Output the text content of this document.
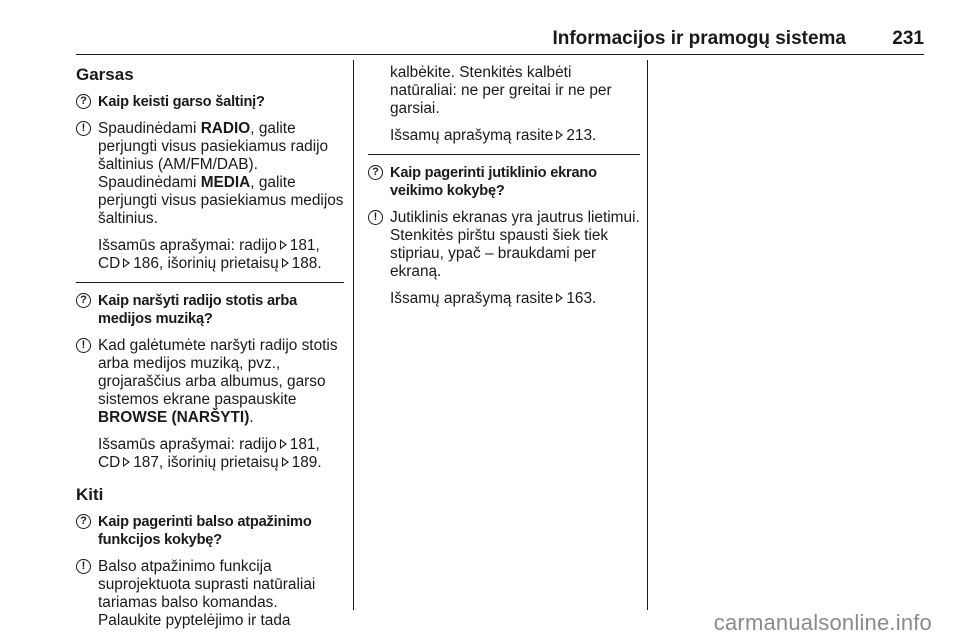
Informacijos ir pramogų sistema 231
Garsas
? Kaip keisti garso šaltinį?
! Spaudinėdami RADIO, galite perjungti visus pasiekiamus radijo šaltinius (AM/FM/DAB). Spaudinėdami MEDIA, galite perjungti visus pasiekiamus medijos šaltinius.
Išsamūs aprašymai: radijo 181, CD 186, išorinių prietaisų 188.
? Kaip naršyti radijo stotis arba medijos muziką?
! Kad galėtumėte naršyti radijo stotis arba medijos muziką, pvz., grojaraščius arba albumus, garso sistemos ekrane paspauskite BROWSE (NARŠYTI).
Išsamūs aprašymai: radijo 181, CD 187, išorinių prietaisų 189.
Kiti
? Kaip pagerinti balso atpažinimo funkcijos kokybę?
! Balso atpažinimo funkcija suprojektuota suprasti natūraliai tariamas balso komandas. Palaukite pyptelėjimo ir tada
kalbėkite. Stenkitės kalbėti natūraliai: ne per greitai ir ne per garsiai.
Išsamų aprašymą rasite 213.
? Kaip pagerinti jutiklinio ekrano veikimo kokybę?
! Jutiklinis ekranas yra jautrus lietimui. Stenkitės pirštu spausti šiek tiek stipriau, ypač – braukdami per ekraną.
Išsamų aprašymą rasite 163.
carmanualsonline.info
